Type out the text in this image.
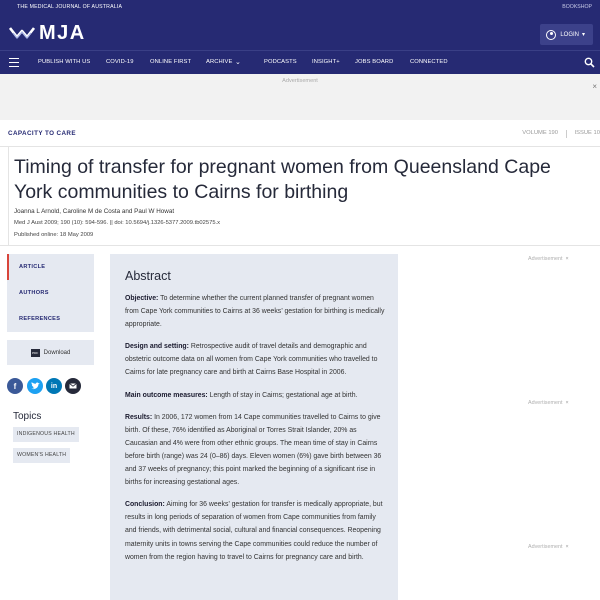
THE MEDICAL JOURNAL OF AUSTRALIA	BOOKSHOP
MJA	LOGIN ▾
PUBLISH WITH US	COVID-19	ONLINE FIRST	ARCHIVE ⌄	PODCASTS	INSIGHT+	JOBS BOARD	CONNECTED
Advertisement
×
CAPACITY TO CARE	VOLUME 190	ISSUE 10
Timing of transfer for pregnant women from Queensland Cape York communities to Cairns for birthing
Joanna L Arnold, Caroline M de Costa and Paul W Howat
Med J Aust 2009; 190 (10): 594-596. || doi: 10.5694/j.1326-5377.2009.tb02575.x
Published online: 18 May 2009
ARTICLE
AUTHORS
REFERENCES
PDF Download
f	in
Topics
INDIGENOUS HEALTH
WOMEN'S HEALTH
Abstract

Objective: To determine whether the current planned transfer of pregnant women from Cape York communities to Cairns at 36 weeks’ gestation for birthing is medically appropriate.

Design and setting: Retrospective audit of travel details and demographic and obstetric outcome data on all women from Cape York communities who travelled to Cairns for late pregnancy care and birth at Cairns Base Hospital in 2006.

Main outcome measures: Length of stay in Cairns; gestational age at birth.

Results: In 2006, 172 women from 14 Cape communities travelled to Cairns to give birth. Of these, 76% identified as Aboriginal or Torres Strait Islander, 20% as Caucasian and 4% were from other ethnic groups. The mean time of stay in Cairns before birth (range) was 24 (0–86) days. Eleven women (6%) gave birth between 36 and 37 weeks of pregnancy; this point marked the beginning of a significant rise in births for increasing gestational ages.

Conclusion: Aiming for 36 weeks’ gestation for transfer is medically appropriate, but results in long periods of separation of women from Cape communities from family and friends, with detrimental social, cultural and financial consequences. Reopening maternity units in towns serving the Cape communities could reduce the number of women from the region having to travel to Cairns for pregnancy care and birth.

Advertisement ×
Advertisement ×
Advertisement ×
